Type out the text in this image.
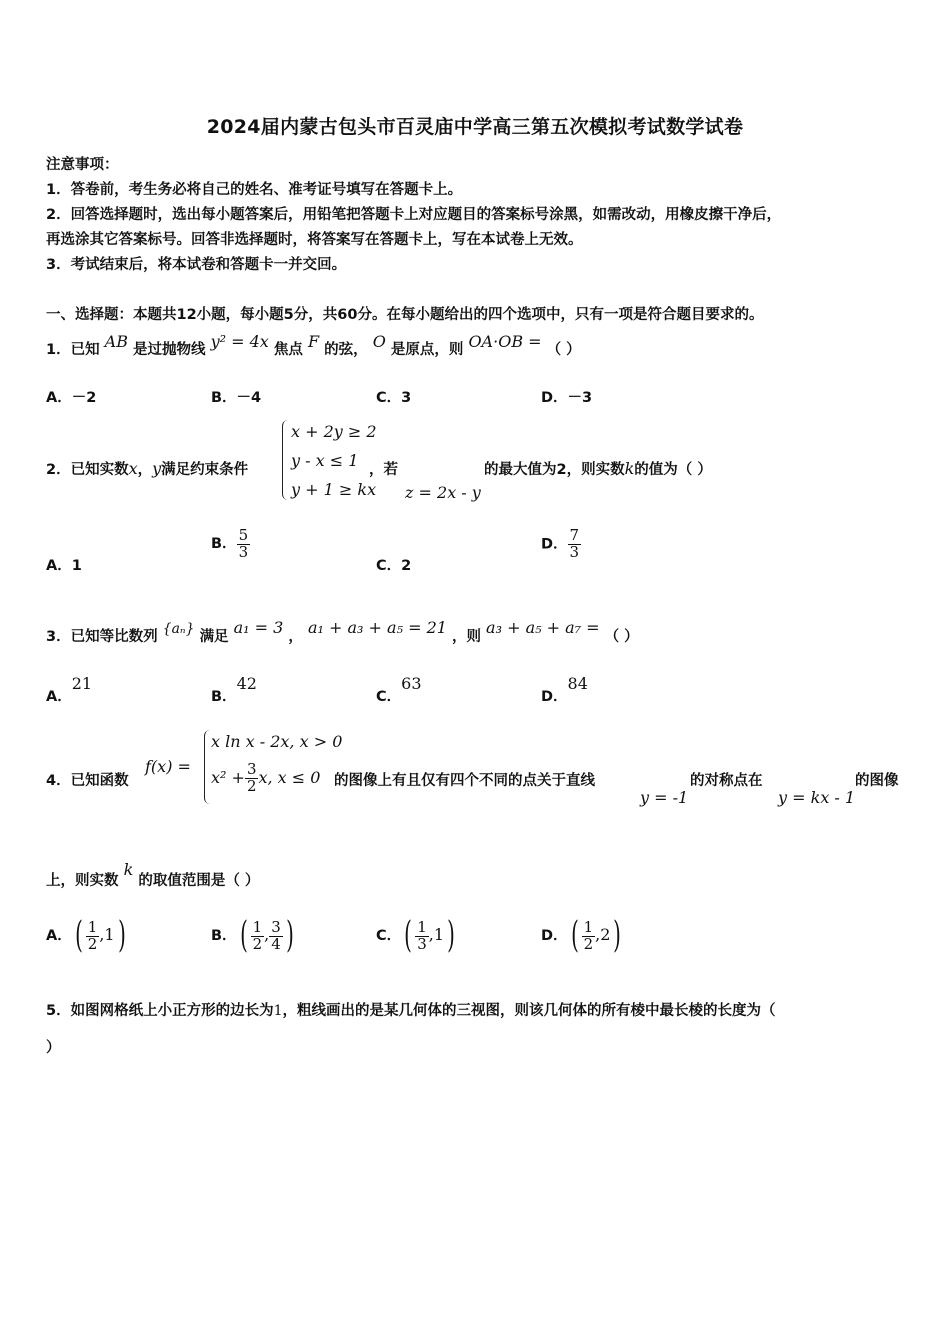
2024届内蒙古包头市百灵庙中学高三第五次模拟考试数学试卷
注意事项：
1．答卷前，考生务必将自己的姓名、准考证号填写在答题卡上。
2．回答选择题时，选出每小题答案后，用铅笔把答题卡上对应题目的答案标号涂黑，如需改动，用橡皮擦干净后，
再选涂其它答案标号。回答非选择题时，将答案写在答题卡上，写在本试卷上无效。
3．考试结束后，将本试卷和答题卡一并交回。
一、选择题：本题共12小题，每小题5分，共60分。在每小题给出的四个选项中，只有一项是符合题目要求的。
1．已知 AB 是过抛物线 y² = 4x 焦点 F 的弦， O 是原点，则 OA·OB = （ ）
A．－2	B．－4	C．3	D．－3
2．已知实数x，y满足约束条件
x + 2y ≥ 2
y - x ≤ 1
y + 1 ≥ kx
，若
z = 2x - y
的最大值为2，则实数k的值为（ ）
A．1
B． $\frac{5}{3}$
C．2
D． $\frac{7}{3}$
3．已知等比数列 {aₙ} 满足 a₁ = 3 ， a₁ + a₃ + a₅ = 21 ，则 a₃ + a₅ + a₇ = （ ）
A．21
B．42
C．63
D．84
4．已知函数
f(x) =
x ln x - 2x, x > 0
$x^2 + \frac{3}{2} x$, x ≤ 0 的图像上有且仅有四个不同的点关于直线
y = -1
的对称点在
y = kx - 1
的图像
上，则实数 k 的取值范围是（ ）
A．( $\frac{1}{2} ,1$)	B．( $\frac{1}{2}$ , $\frac{3}{4}$ )	C．( $\frac{1}{3} ,1$)	D．( $\frac{1}{2} ,2$)
5．如图网格纸上小正方形的边长为1，粗线画出的是某几何体的三视图，则该几何体的所有棱中最长棱的长度为（
）
